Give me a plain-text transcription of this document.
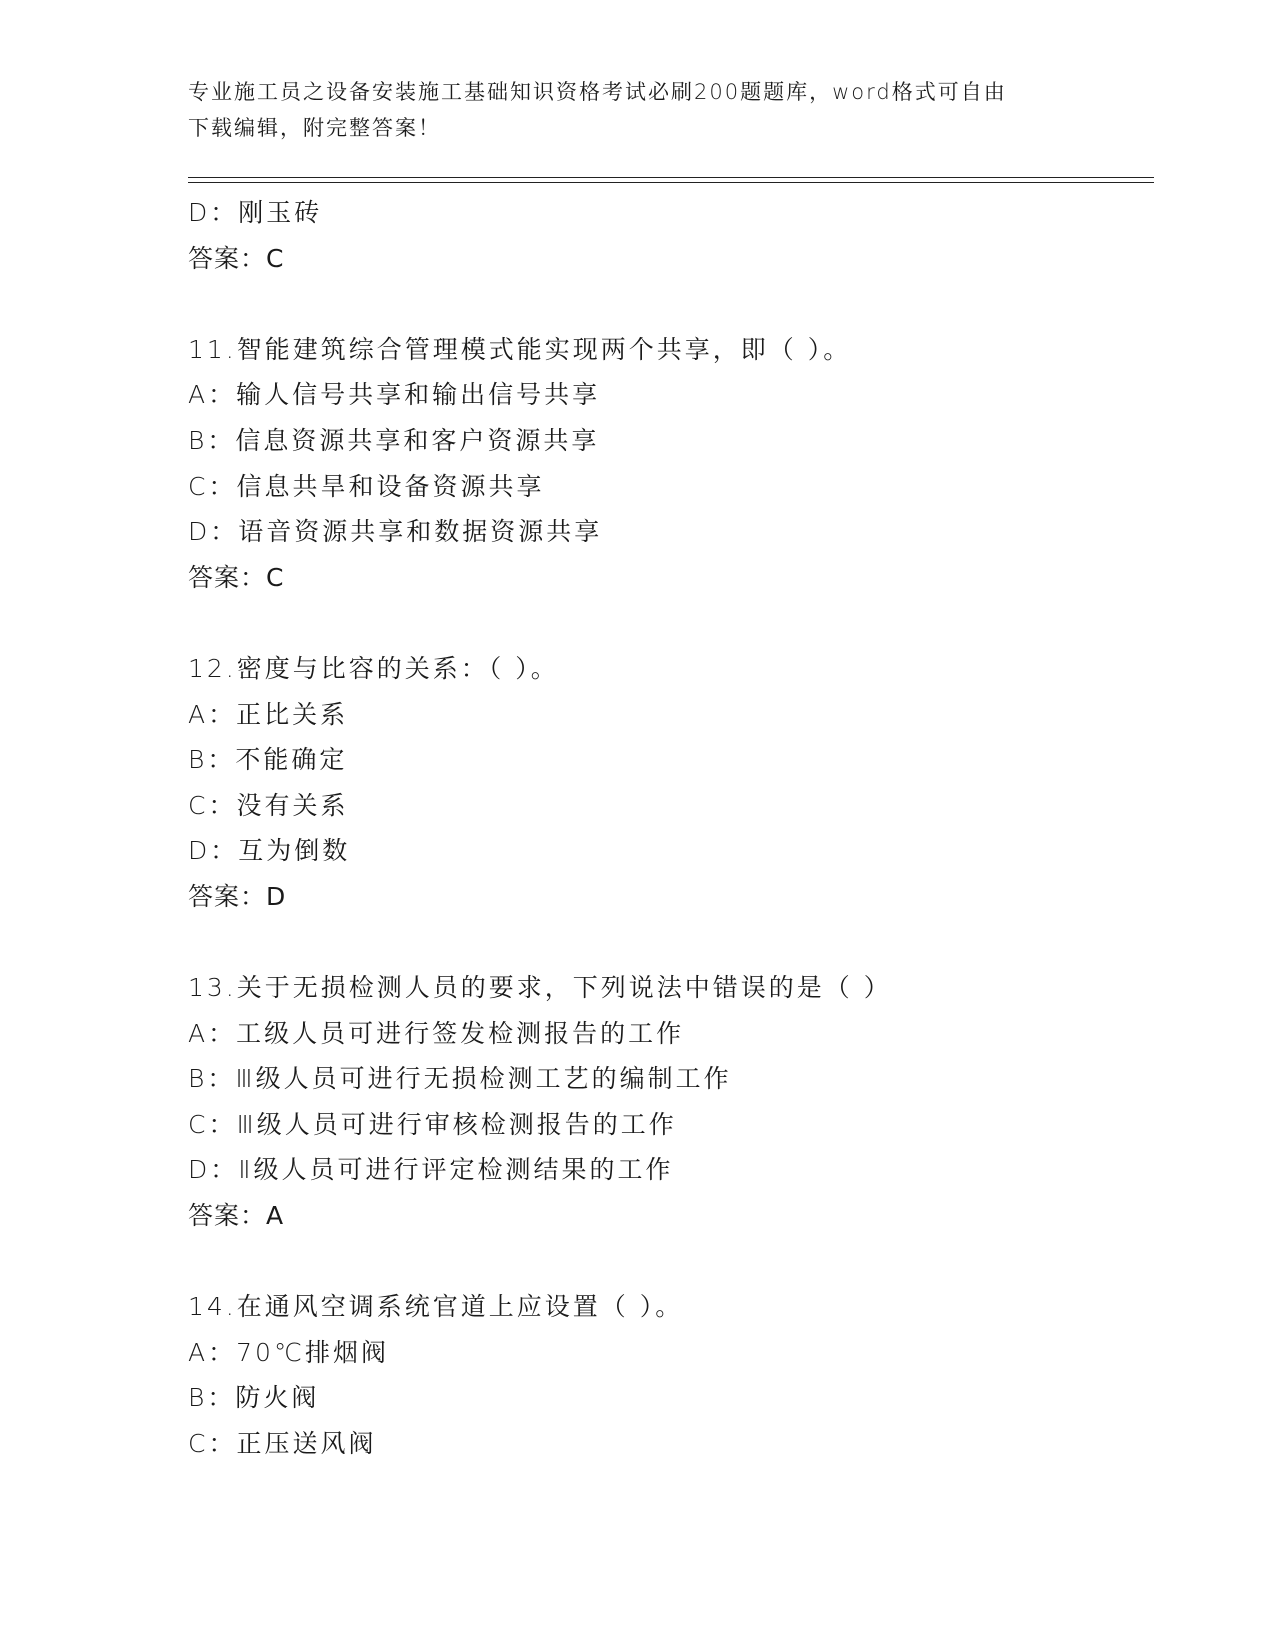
专业施工员之设备安装施工基础知识资格考试必刷200题题库，word格式可自由
下载编辑，附完整答案！
D：刚玉砖
答案：C
11.智能建筑综合管理模式能实现两个共享，即（ ）。
A：输人信号共享和输出信号共享
B：信息资源共享和客户资源共享
C：信息共旱和设备资源共享
D：语音资源共享和数据资源共享
答案：C
12.密度与比容的关系：（ ）。
A：正比关系
B：不能确定
C：没有关系
D：互为倒数
答案：D
13.关于无损检测人员的要求，下列说法中错误的是（ ）
A：工级人员可进行签发检测报告的工作
B：Ⅲ级人员可进行无损检测工艺的编制工作
C：Ⅲ级人员可进行审核检测报告的工作
D：Ⅱ级人员可进行评定检测结果的工作
答案：A
14.在通风空调系统官道上应设置（ ）。
A：70℃排烟阀
B：防火阀
C：正压送风阀
